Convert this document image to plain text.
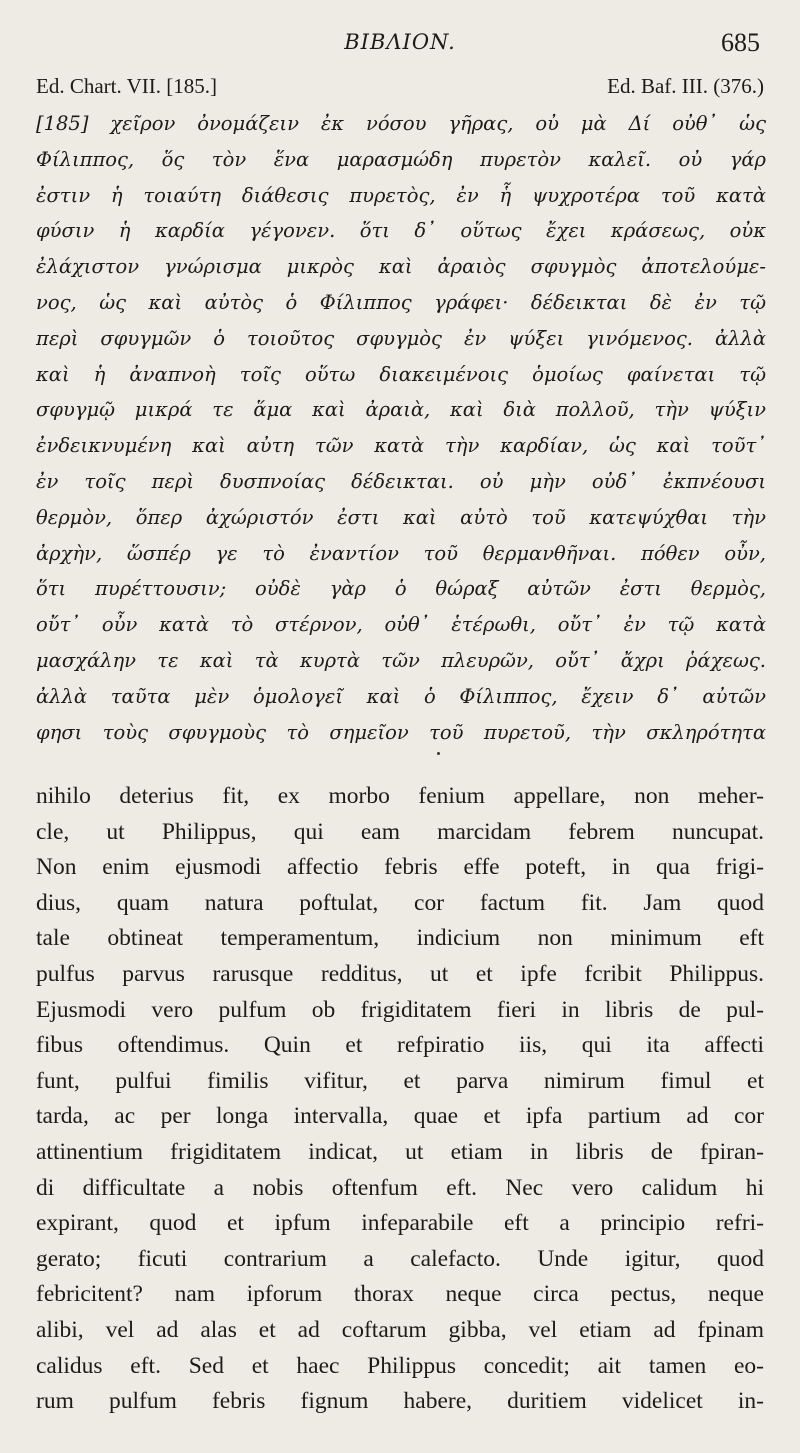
BIBΛION.	685
Ed. Chart. VII. [185.]	Ed. Baf. III. (376.)
[185] χεῖρον ὀνομάζειν ἐκ νόσου γῆρας, οὐ μὰ Δί οὐθ᾽ ὡς
Φίλιππος, ὅς τὸν ἕνα μαρασμώδη πυρετὸν καλεῖ. οὐ γάρ
ἐστιν ἡ τοιαύτη διάθεσις πυρετὸς, ἐν ἧ ψυχροτέρα τοῦ κατὰ
φύσιν ἡ καρδία γέγονεν. ὅτι δ᾽ οὕτως ἔχει κράσεως, οὐκ
ἐλάχιστον γνώρισμα μικρὸς καὶ ἀραιὸς σφυγμὸς ἀποτελούμε-
νος, ὡς καὶ αὐτὸς ὁ Φίλιππος γράφει· δέδεικται δὲ ἐν τῷ
περὶ σφυγμῶν ὁ τοιοῦτος σφυγμὸς ἐν ψύξει γινόμενος. ἀλλὰ
καὶ ἡ ἀναπνοὴ τοῖς οὕτω διακειμένοις ὁμοίως φαίνεται τῷ
σφυγμῷ μικρά τε ἅμα καὶ ἀραιὰ, καὶ διὰ πολλοῦ, τὴν ψύξιν
ἐνδεικνυμένη καὶ αὐτη τῶν κατὰ τὴν καρδίαν, ὡς καὶ τοῦτ᾽
ἐν τοῖς περὶ δυσπνοίας δέδεικται. οὐ μὴν οὐδ᾽ ἐκπνέουσι
θερμὸν, ὅπερ ἀχώριστόν ἐστι καὶ αὐτὸ τοῦ κατεψύχθαι τὴν
ἀρχὴν, ὥσπέρ γε τὸ ἐναντίον τοῦ θερμανθῆναι. πόθεν οὖν,
ὅτι πυρέττουσιν; οὐδὲ γὰρ ὁ θώραξ αὐτῶν ἐστι θερμὸς,
οὔτ᾽ οὖν κατὰ τὸ στέρνον, οὐθ᾽ ἑτέρωθι, οὔτ᾽ ἐν τῷ κατὰ
μασχάλην τε καὶ τὰ κυρτὰ τῶν πλευρῶν, οὔτ᾽ ἄχρι ῥάχεως.
ἀλλὰ ταῦτα μὲν ὁμολογεῖ καὶ ὁ Φίλιππος, ἔχειν δ᾽ αὐτῶν
φησι τοὺς σφυγμοὺς τὸ σημεῖον τοῦ πυρετοῦ, τὴν σκληρότητα
nihilo deterius fit, ex morbo fenium appellare, non meher-
cle, ut Philippus, qui eam marcidam febrem nuncupat.
Non enim ejusmodi affectio febris effe poteft, in qua frigi-
dius, quam natura poftulat, cor factum fit. Jam quod
tale obtineat temperamentum, indicium non minimum eft
pulfus parvus rarusque redditus, ut et ipfe fcribit Philippus.
Ejusmodi vero pulfum ob frigiditatem fieri in libris de pul-
fibus oftendimus. Quin et refpiratio iis, qui ita affecti
funt, pulfui fimilis vifitur, et parva nimirum fimul et
tarda, ac per longa intervalla, quae et ipfa partium ad cor
attinentium frigiditatem indicat, ut etiam in libris de fpiran-
di difficultate a nobis oftenfum eft. Nec vero calidum hi
expirant, quod et ipfum infeparabile eft a principio refri-
gerato; ficuti contrarium a calefacto. Unde igitur, quod
febricitent? nam ipforum thorax neque circa pectus, neque
alibi, vel ad alas et ad coftarum gibba, vel etiam ad fpinam
calidus eft. Sed et haec Philippus concedit; ait tamen eo-
rum pulfum febris fignum habere, duritiem videlicet in-
